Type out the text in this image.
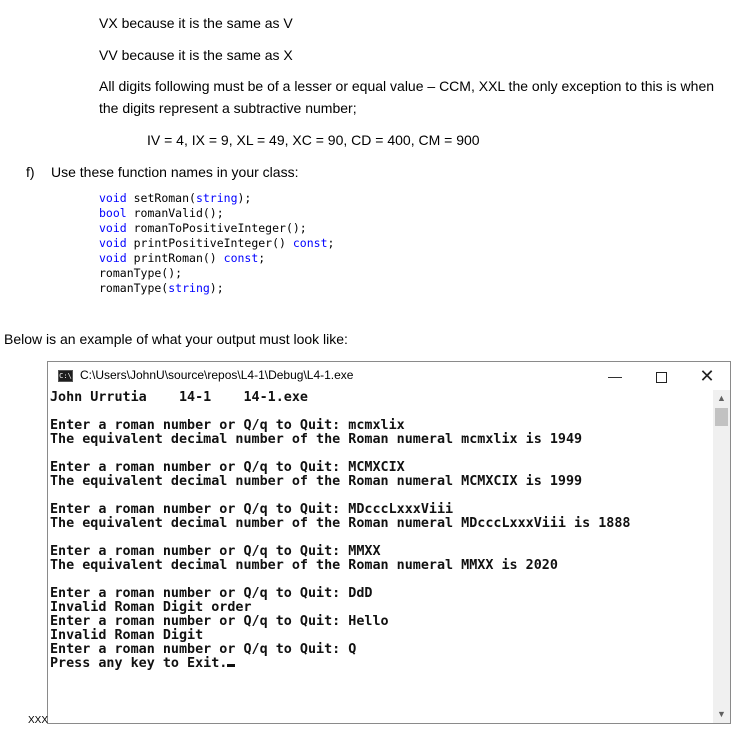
VX because it is the same as V
VV because it is the same as X
All digits following must be of a lesser or equal value – CCM, XXL the only exception to this is when
the digits represent a subtractive number;
IV = 4, IX = 9, XL = 49, XC = 90, CD = 400, CM = 900
f) Use these function names in your class:
void setRoman(string);
bool romanValid();
void romanToPositiveInteger();
void printPositiveInteger() const;
void printRoman() const;
romanType();
romanType(string);
Below is an example of what your output must look like:
C:\ C:\Users\JohnU\source\repos\L4-1\Debug\L4-1.exe	—	✕
John Urrutia    14-1    14-1.exe
Enter a roman number or Q/q to Quit: mcmxlix
The equivalent decimal number of the Roman numeral mcmxlix is 1949
Enter a roman number or Q/q to Quit: MCMXCIX
The equivalent decimal number of the Roman numeral MCMXCIX is 1999
Enter a roman number or Q/q to Quit: MDcccLxxxViii
The equivalent decimal number of the Roman numeral MDcccLxxxViii is 1888
Enter a roman number or Q/q to Quit: MMXX
The equivalent decimal number of the Roman numeral MMXX is 2020
Enter a roman number or Q/q to Quit: DdD
Invalid Roman Digit order
Enter a roman number or Q/q to Quit: Hello
Invalid Roman Digit
Enter a roman number or Q/q to Quit: Q
Press any key to Exit.
▲
▼
XXX
